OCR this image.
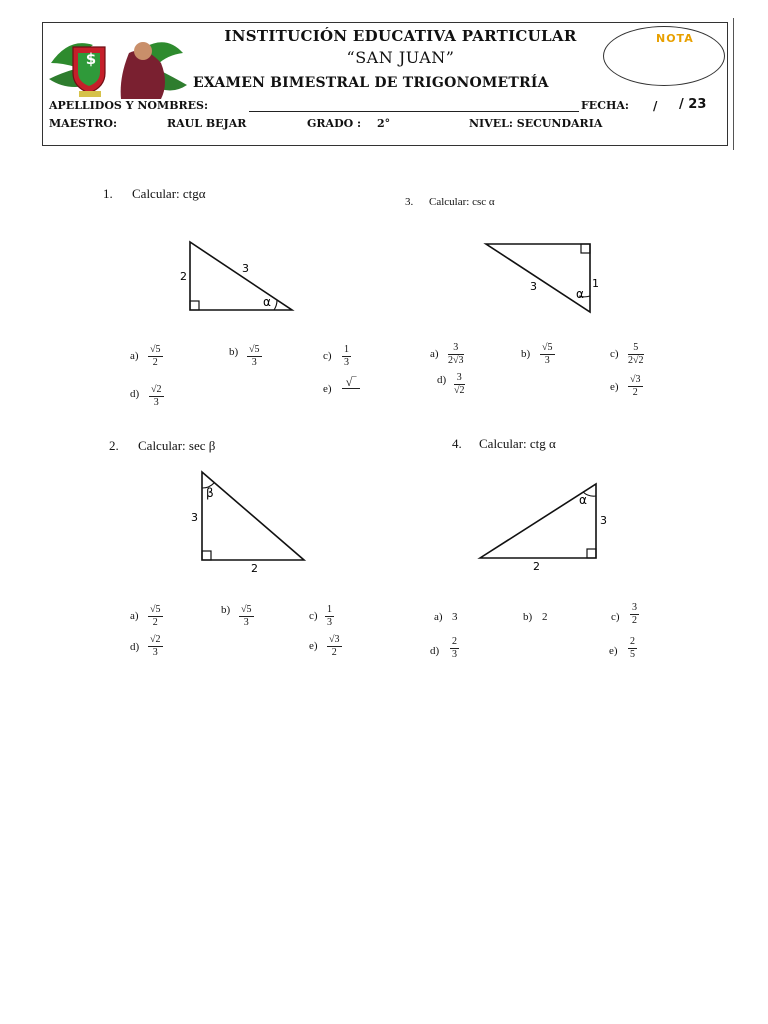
$
INSTITUCIÓN EDUCATIVA PARTICULAR
“SAN JUAN”
EXAMEN BIMESTRAL DE TRIGONOMETRÍA
APELLIDOS Y NOMBRES:	FECHA: / / 23
MAESTRO:	RAUL BEJAR	GRADO : 2°	NIVEL: SECUNDARIA
NOTA
1. Calcular: ctgα
2
3
α
$a) \frac{√5}{2}$	$b) \frac{√5}{3}$	$c) \frac{1}{3}$
$d) \frac{√2}{3}$	e)	√‾
3. Calcular: csc α
3	1
α
$a) \frac{3}{2√3}$	$b) \frac{√5}{3}$	$c) \frac{5}{2√2}$
$d) \frac{3}{√2}$	$e) \frac{√3}{2}$
2. Calcular: sec β
3
2
β
$a) \frac{√5}{2}$	$b) \frac{√5}{3}$	$c) \frac{1}{3}$
$d) \frac{√2}{3}$	$e) \frac{√3}{2}$
4. Calcular: ctg α
3
2
α
a) 3	b) 2	$c) \frac{3}{2}$
$d) \frac{2}{3}$	$e) \frac{2}{5}$
